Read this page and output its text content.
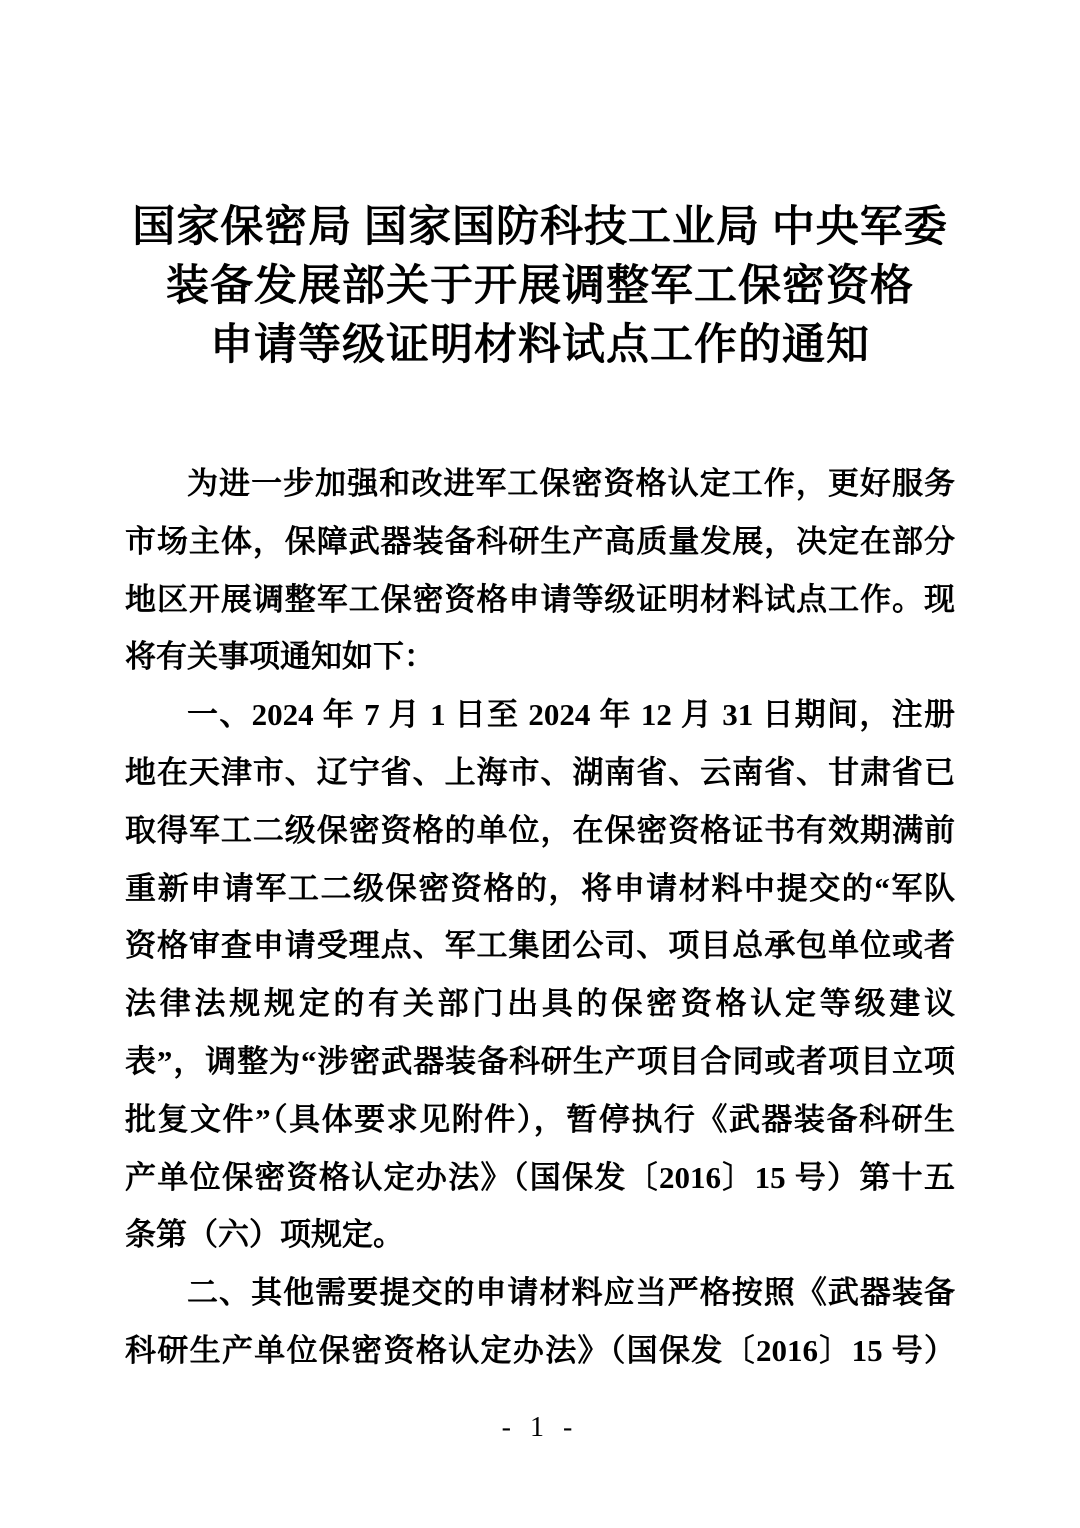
国家保密局 国家国防科技工业局 中央军委
装备发展部关于开展调整军工保密资格
申请等级证明材料试点工作的通知
为进一步加强和改进军工保密资格认定工作，更好服务
市场主体，保障武器装备科研生产高质量发展，决定在部分
地区开展调整军工保密资格申请等级证明材料试点工作。现
将有关事项通知如下：
一、2024 年 7 月 1 日至 2024 年 12 月 31 日期间，注册
地在天津市、辽宁省、上海市、湖南省、云南省、甘肃省已
取得军工二级保密资格的单位，在保密资格证书有效期满前
重新申请军工二级保密资格的，将申请材料中提交的“军队
资格审查申请受理点、军工集团公司、项目总承包单位或者
法律法规规定的有关部门出具的保密资格认定等级建议
表”，调整为“涉密武器装备科研生产项目合同或者项目立项
批复文件”（具体要求见附件），暂停执行《武器装备科研生
产单位保密资格认定办法》（国保发〔2016〕15 号）第十五
条第（六）项规定。
二、其他需要提交的申请材料应当严格按照《武器装备
科研生产单位保密资格认定办法》（国保发〔2016〕15 号）
- 1 -
